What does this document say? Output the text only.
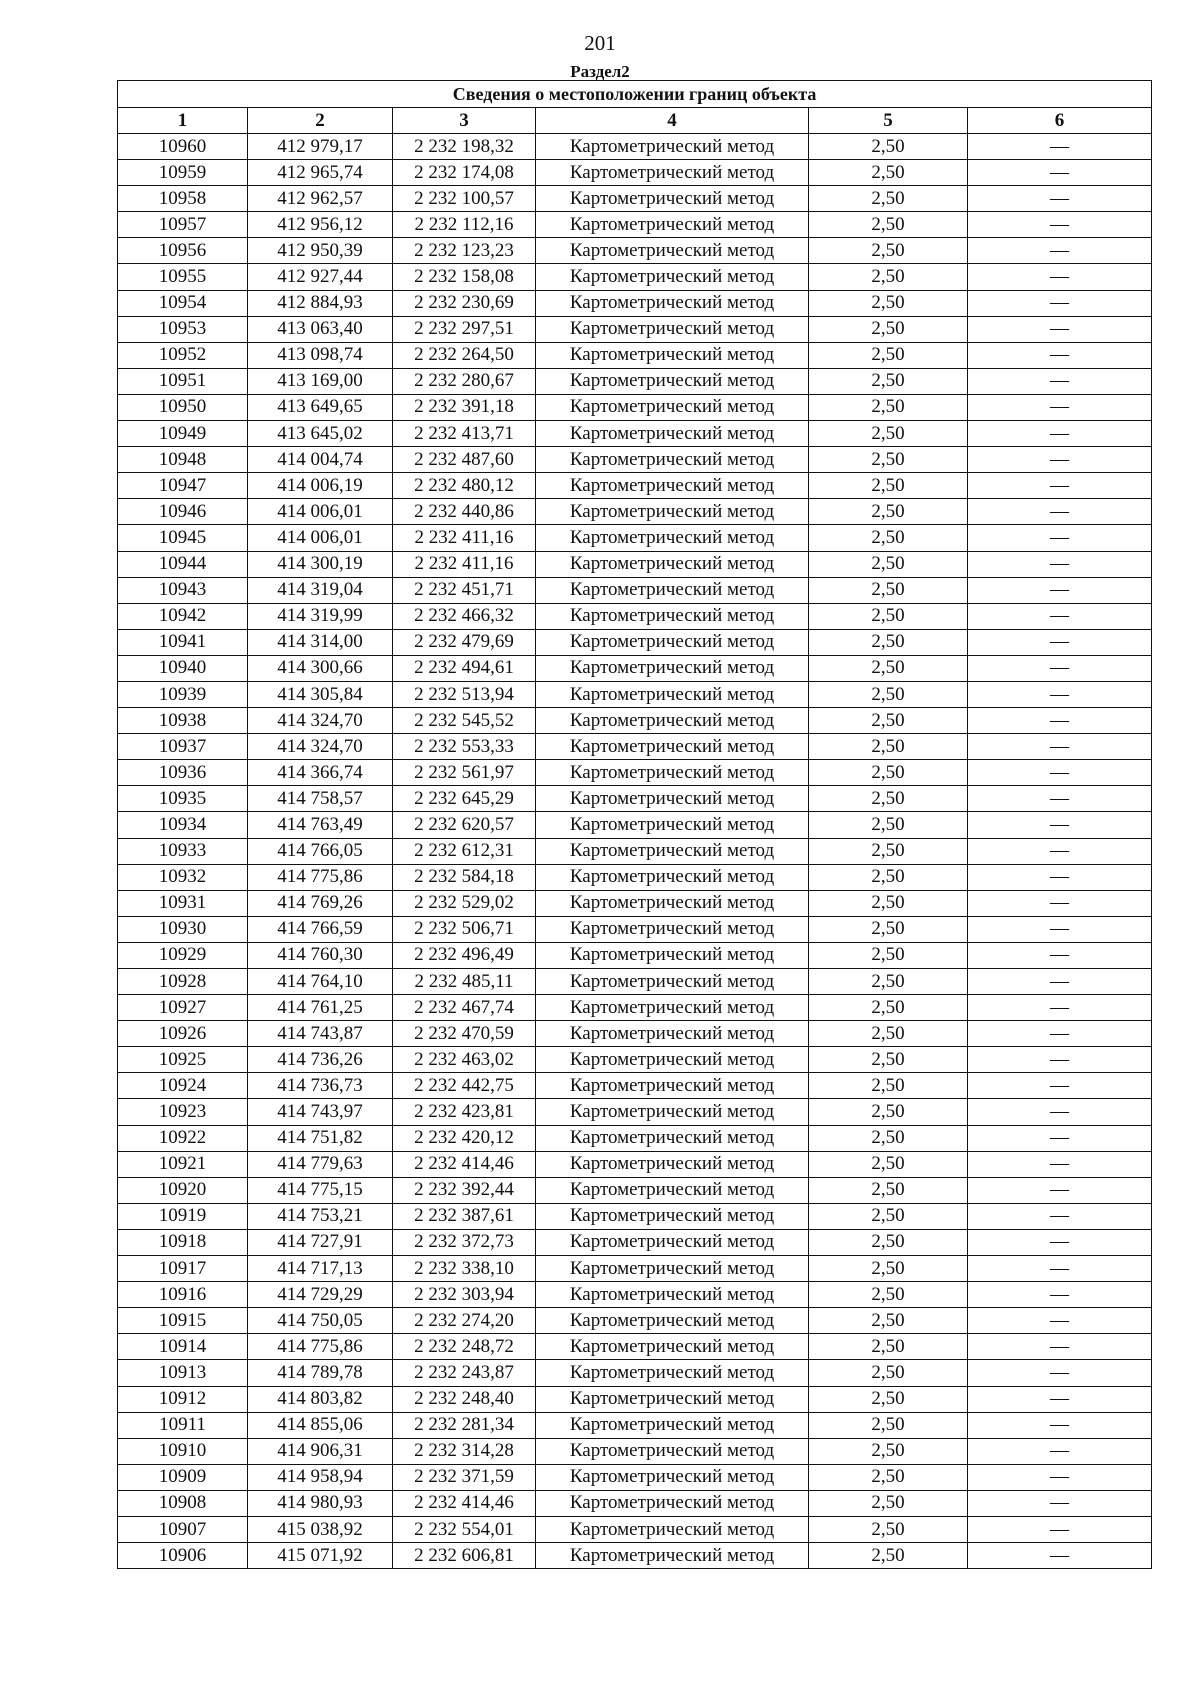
201
Раздел2
Сведения о местоположении границ объекта					
1	2	3	4	5	6
10960	412 979,17	2 232 198,32	Картометрический метод	2,50	—
10959	412 965,74	2 232 174,08	Картометрический метод	2,50	—
10958	412 962,57	2 232 100,57	Картометрический метод	2,50	—
10957	412 956,12	2 232 112,16	Картометрический метод	2,50	—
10956	412 950,39	2 232 123,23	Картометрический метод	2,50	—
10955	412 927,44	2 232 158,08	Картометрический метод	2,50	—
10954	412 884,93	2 232 230,69	Картометрический метод	2,50	—
10953	413 063,40	2 232 297,51	Картометрический метод	2,50	—
10952	413 098,74	2 232 264,50	Картометрический метод	2,50	—
10951	413 169,00	2 232 280,67	Картометрический метод	2,50	—
10950	413 649,65	2 232 391,18	Картометрический метод	2,50	—
10949	413 645,02	2 232 413,71	Картометрический метод	2,50	—
10948	414 004,74	2 232 487,60	Картометрический метод	2,50	—
10947	414 006,19	2 232 480,12	Картометрический метод	2,50	—
10946	414 006,01	2 232 440,86	Картометрический метод	2,50	—
10945	414 006,01	2 232 411,16	Картометрический метод	2,50	—
10944	414 300,19	2 232 411,16	Картометрический метод	2,50	—
10943	414 319,04	2 232 451,71	Картометрический метод	2,50	—
10942	414 319,99	2 232 466,32	Картометрический метод	2,50	—
10941	414 314,00	2 232 479,69	Картометрический метод	2,50	—
10940	414 300,66	2 232 494,61	Картометрический метод	2,50	—
10939	414 305,84	2 232 513,94	Картометрический метод	2,50	—
10938	414 324,70	2 232 545,52	Картометрический метод	2,50	—
10937	414 324,70	2 232 553,33	Картометрический метод	2,50	—
10936	414 366,74	2 232 561,97	Картометрический метод	2,50	—
10935	414 758,57	2 232 645,29	Картометрический метод	2,50	—
10934	414 763,49	2 232 620,57	Картометрический метод	2,50	—
10933	414 766,05	2 232 612,31	Картометрический метод	2,50	—
10932	414 775,86	2 232 584,18	Картометрический метод	2,50	—
10931	414 769,26	2 232 529,02	Картометрический метод	2,50	—
10930	414 766,59	2 232 506,71	Картометрический метод	2,50	—
10929	414 760,30	2 232 496,49	Картометрический метод	2,50	—
10928	414 764,10	2 232 485,11	Картометрический метод	2,50	—
10927	414 761,25	2 232 467,74	Картометрический метод	2,50	—
10926	414 743,87	2 232 470,59	Картометрический метод	2,50	—
10925	414 736,26	2 232 463,02	Картометрический метод	2,50	—
10924	414 736,73	2 232 442,75	Картометрический метод	2,50	—
10923	414 743,97	2 232 423,81	Картометрический метод	2,50	—
10922	414 751,82	2 232 420,12	Картометрический метод	2,50	—
10921	414 779,63	2 232 414,46	Картометрический метод	2,50	—
10920	414 775,15	2 232 392,44	Картометрический метод	2,50	—
10919	414 753,21	2 232 387,61	Картометрический метод	2,50	—
10918	414 727,91	2 232 372,73	Картометрический метод	2,50	—
10917	414 717,13	2 232 338,10	Картометрический метод	2,50	—
10916	414 729,29	2 232 303,94	Картометрический метод	2,50	—
10915	414 750,05	2 232 274,20	Картометрический метод	2,50	—
10914	414 775,86	2 232 248,72	Картометрический метод	2,50	—
10913	414 789,78	2 232 243,87	Картометрический метод	2,50	—
10912	414 803,82	2 232 248,40	Картометрический метод	2,50	—
10911	414 855,06	2 232 281,34	Картометрический метод	2,50	—
10910	414 906,31	2 232 314,28	Картометрический метод	2,50	—
10909	414 958,94	2 232 371,59	Картометрический метод	2,50	—
10908	414 980,93	2 232 414,46	Картометрический метод	2,50	—
10907	415 038,92	2 232 554,01	Картометрический метод	2,50	—
10906	415 071,92	2 232 606,81	Картометрический метод	2,50	—
